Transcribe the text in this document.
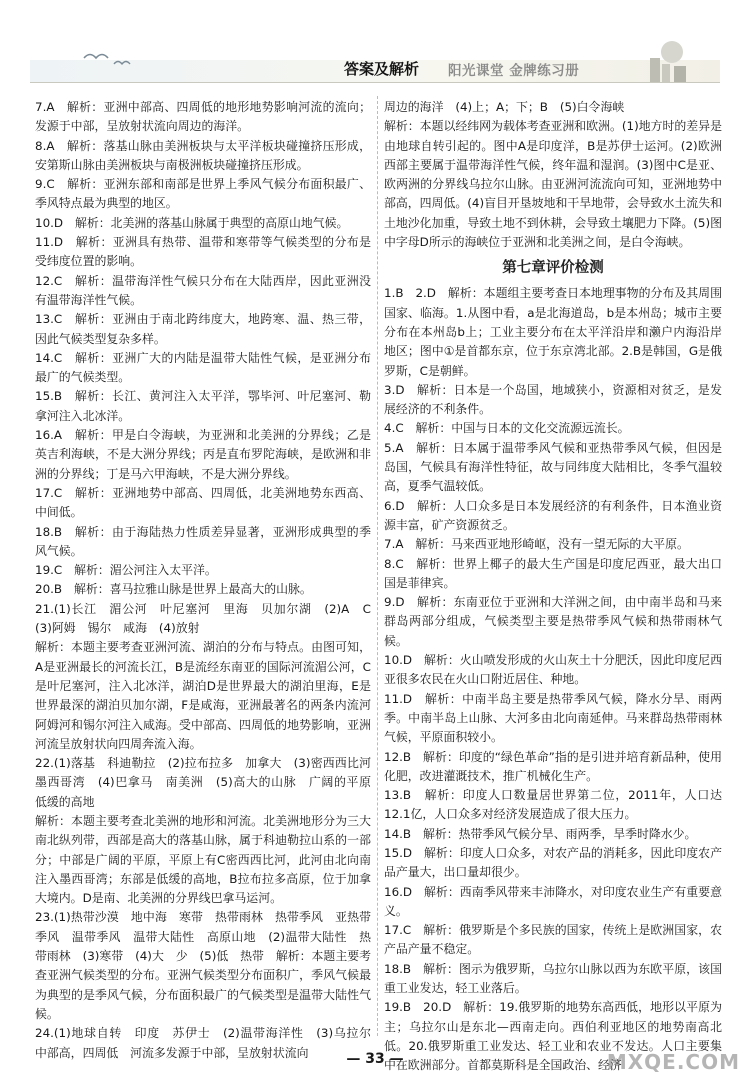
答案及解析 阳光课堂 金牌练习册

7.A　解析：亚洲中部高、四周低的地形地势影响河流的流向；发源于中部，呈放射状流向周边的海洋。

8.A　解析：落基山脉由美洲板块与太平洋板块碰撞挤压形成，安第斯山脉由美洲板块与南极洲板块碰撞挤压形成。

9.C　解析：亚洲东部和南部是世界上季风气候分布面积最广、季风特点最为典型的地区。

10.D　解析：北美洲的落基山脉属于典型的高原山地气候。

11.D　解析：亚洲具有热带、温带和寒带等气候类型的分布是受纬度位置的影响。

12.C　解析：温带海洋性气候只分布在大陆西岸，因此亚洲没有温带海洋性气候。

13.C　解析：亚洲由于南北跨纬度大，地跨寒、温、热三带，因此气候类型复杂多样。

14.C　解析：亚洲广大的内陆是温带大陆性气候，是亚洲分布最广的气候类型。

15.B　解析：长江、黄河注入太平洋，鄂毕河、叶尼塞河、勒拿河注入北冰洋。

16.A　解析：甲是白令海峡，为亚洲和北美洲的分界线；乙是英吉利海峡，不是大洲分界线；丙是直布罗陀海峡，是欧洲和非洲的分界线；丁是马六甲海峡，不是大洲分界线。

17.C　解析：亚洲地势中部高、四周低，北美洲地势东西高、中间低。

18.B　解析：由于海陆热力性质差异显著，亚洲形成典型的季风气候。

19.C　解析：湄公河注入太平洋。

20.B　解析：喜马拉雅山脉是世界上最高大的山脉。

21.(1)长江　湄公河　叶尼塞河　里海　贝加尔湖　(2)A　C　(3)阿姆　锡尔　咸海　(4)放射

解析：本题主要考查亚洲河流、湖泊的分布与特点。由图可知，A是亚洲最长的河流长江，B是流经东南亚的国际河流湄公河，C是叶尼塞河，注入北冰洋，湖泊D是世界最大的湖泊里海，E是世界最深的湖泊贝加尔湖，F是咸海，亚洲最著名的两条内流河阿姆河和锡尔河注入咸海。受中部高、四周低的地势影响，亚洲河流呈放射状向四周奔流入海。

22.(1)落基　科迪勒拉　(2)拉布拉多　加拿大　(3)密西西比河　墨西哥湾　(4)巴拿马　南美洲　(5)高大的山脉　广阔的平原　低缓的高地

解析：本题主要考查北美洲的地形和河流。北美洲地形分为三大南北纵列带，西部是高大的落基山脉，属于科迪勒拉山系的一部分；中部是广阔的平原，平原上有C密西西比河，此河由北向南注入墨西哥湾；东部是低缓的高地，B拉布拉多高原，位于加拿大境内。D是南、北美洲的分界线巴拿马运河。

23.(1)热带沙漠　地中海　寒带　热带雨林　热带季风　亚热带季风　温带季风　温带大陆性　高原山地　(2)温带大陆性　热带雨林　(3)寒带　(4)大　少　(5)低　热带　解析：本题主要考查亚洲气候类型的分布。亚洲气候类型分布面积广，季风气候最为典型的是季风气候，分布面积最广的气候类型是温带大陆性气候。

24.(1)地球自转　印度　苏伊士　(2)温带海洋性　(3)乌拉尔　中部高，四周低　河流多发源于中部，呈放射状流向

周边的海洋　(4)上；A；下；B　(5)白令海峡

解析：本题以经纬网为载体考查亚洲和欧洲。(1)地方时的差异是由地球自转引起的。图中A是印度洋，B是苏伊士运河。(2)欧洲西部主要属于温带海洋性气候，终年温和湿润。(3)图中C是亚、欧两洲的分界线乌拉尔山脉。由亚洲河流流向可知，亚洲地势中部高，四周低。(4)盲目开垦坡地和干旱地带，会导致水土流失和土地沙化加重，导致土地不到休耕，会导致土壤肥力下降。(5)图中字母D所示的海峡位于亚洲和北美洲之间，是白令海峡。

第七章评价检测

1.B　2.D　解析：本题组主要考查日本地理事物的分布及其周围国家、临海。1.从图中看，a是北海道岛，b是本州岛；城市主要分布在本州岛b上；工业主要分布在太平洋沿岸和濑户内海沿岸地区；图中①是首都东京，位于东京湾北部。2.B是韩国，G是俄罗斯，C是朝鲜。

3.D　解析：日本是一个岛国，地域狭小，资源相对贫乏，是发展经济的不利条件。

4.C　解析：中国与日本的文化交流源远流长。

5.A　解析：日本属于温带季风气候和亚热带季风气候，但因是岛国，气候具有海洋性特征，故与同纬度大陆相比，冬季气温较高，夏季气温较低。

6.D　解析：人口众多是日本发展经济的有利条件，日本渔业资源丰富，矿产资源贫乏。

7.A　解析：马来西亚地形崎岖，没有一望无际的大平原。

8.C　解析：世界上椰子的最大生产国是印度尼西亚，最大出口国是菲律宾。

9.D　解析：东南亚位于亚洲和大洋洲之间，由中南半岛和马来群岛两部分组成，气候类型主要是热带季风气候和热带雨林气候。

10.D　解析：火山喷发形成的火山灰土十分肥沃，因此印度尼西亚很多农民在火山口附近居住、种地。

11.D　解析：中南半岛主要是热带季风气候，降水分旱、雨两季。中南半岛上山脉、大河多由北向南延伸。马来群岛热带雨林气候，平原面积较小。

12.B　解析：印度的“绿色革命”指的是引进并培育新品种，使用化肥，改进灌溉技术，推广机械化生产。

13.B　解析：印度人口数量居世界第二位，2011年，人口达12.1亿，人口众多对经济发展造成了很大压力。

14.B　解析：热带季风气候分旱、雨两季，旱季时降水少。

15.D　解析：印度人口众多，对农产品的消耗多，因此印度农产品产量大，出口量却很少。

16.D　解析：西南季风带来丰沛降水，对印度农业生产有重要意义。

17.C　解析：俄罗斯是个多民族的国家，传统上是欧洲国家，农产品产量不稳定。

18.B　解析：图示为俄罗斯，乌拉尔山脉以西为东欧平原，该国重工业发达，轻工业落后。

19.B　20.D　解析：19.俄罗斯的地势东高西低，地形以平原为主；乌拉尔山是东北—西南走向。西伯利亚地区的地势南高北低。20.俄罗斯重工业发达、轻工业和农业不发达。人口主要集中在欧洲部分。首都莫斯科是全国政治、经济

— 33 —	MXQE.COM
